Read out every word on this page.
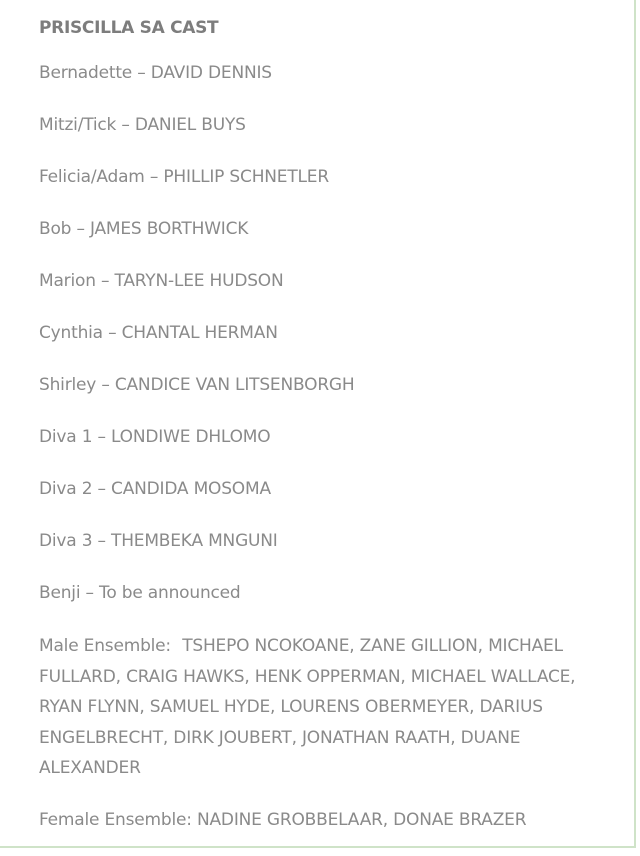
PRISCILLA SA CAST
Bernadette – DAVID DENNIS
Mitzi/Tick – DANIEL BUYS
Felicia/Adam – PHILLIP SCHNETLER
Bob – JAMES BORTHWICK
Marion – TARYN-LEE HUDSON
Cynthia – CHANTAL HERMAN
Shirley – CANDICE VAN LITSENBORGH
Diva 1 – LONDIWE DHLOMO
Diva 2 – CANDIDA MOSOMA
Diva 3 – THEMBEKA MNGUNI
Benji – To be announced
Male Ensemble: TSHEPO NCOKOANE, ZANE GILLION, MICHAEL FULLARD, CRAIG HAWKS, HENK OPPERMAN, MICHAEL WALLACE, RYAN FLYNN, SAMUEL HYDE, LOURENS OBERMEYER, DARIUS ENGELBRECHT, DIRK JOUBERT, JONATHAN RAATH, DUANE ALEXANDER
Female Ensemble: NADINE GROBBELAAR, DONAE BRAZER
